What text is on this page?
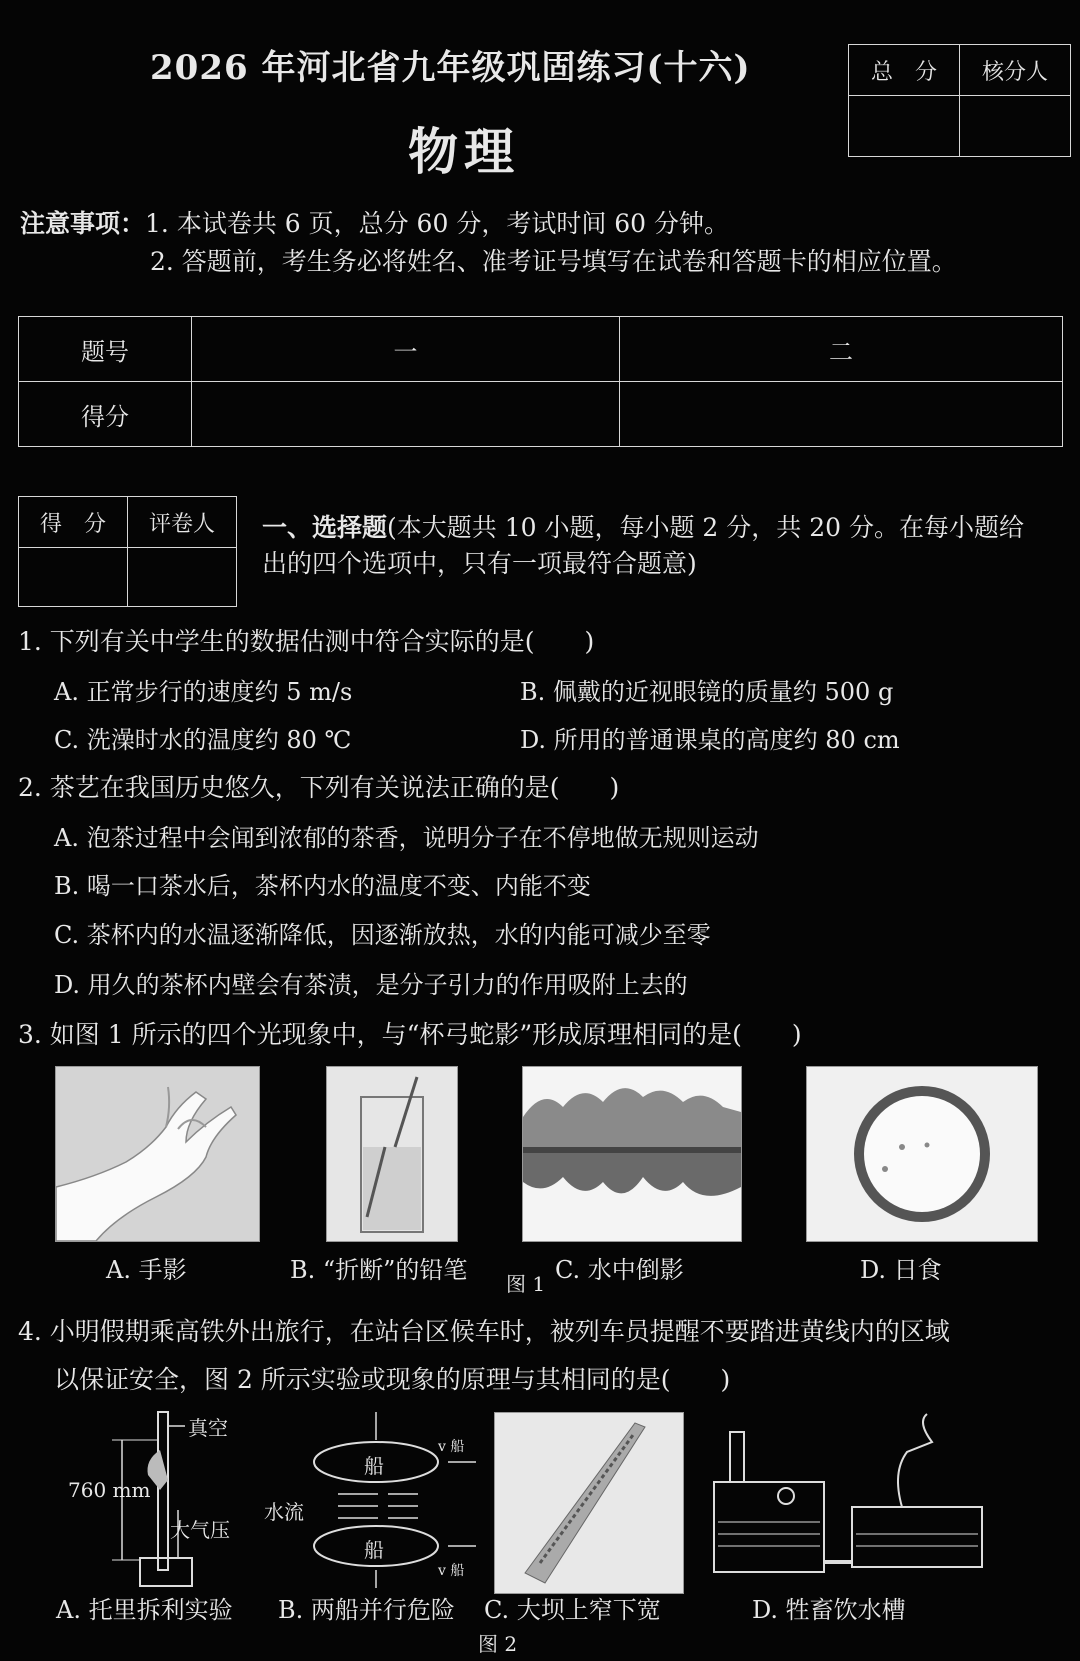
2026 年河北省九年级巩固练习(十六)
物理
总　分	核分人

注意事项：1. 本试卷共 6 页，总分 60 分，考试时间 60 分钟。
2. 答题前，考生务必将姓名、准考证号填写在试卷和答题卡的相应位置。
题号	一	二
得分		
得　分	评卷人
	一、选择题(本大题共 10 小题，每小题 2 分，共 20 分。在每小题给
出的四个选项中，只有一项最符合题意)
1. 下列有关中学生的数据估测中符合实际的是(　　)
A. 正常步行的速度约 5 m/s	B. 佩戴的近视眼镜的质量约 500 g
C. 洗澡时水的温度约 80 ℃	D. 所用的普通课桌的高度约 80 cm
2. 茶艺在我国历史悠久，下列有关说法正确的是(　　)
A. 泡茶过程中会闻到浓郁的茶香，说明分子在不停地做无规则运动
B. 喝一口茶水后，茶杯内水的温度不变、内能不变
C. 茶杯内的水温逐渐降低，因逐渐放热，水的内能可减少至零
D. 用久的茶杯内壁会有茶渍，是分子引力的作用吸附上去的
3. 如图 1 所示的四个光现象中，与“杯弓蛇影”形成原理相同的是(　　)
A. 手影	B. “折断”的铅笔 图 1 C. 水中倒影	D. 日食
4. 小明假期乘高铁外出旅行，在站台区候车时，被列车员提醒不要踏进黄线内的区域
以保证安全，图 2 所示实验或现象的原理与其相同的是(　　)
真空
760 mm
大气压
船
船
水流
v 船
v 船
A. 托里拆利实验 B. 两船并行危险 C. 大坝上窄下宽	D. 牲畜饮水槽
图 2
